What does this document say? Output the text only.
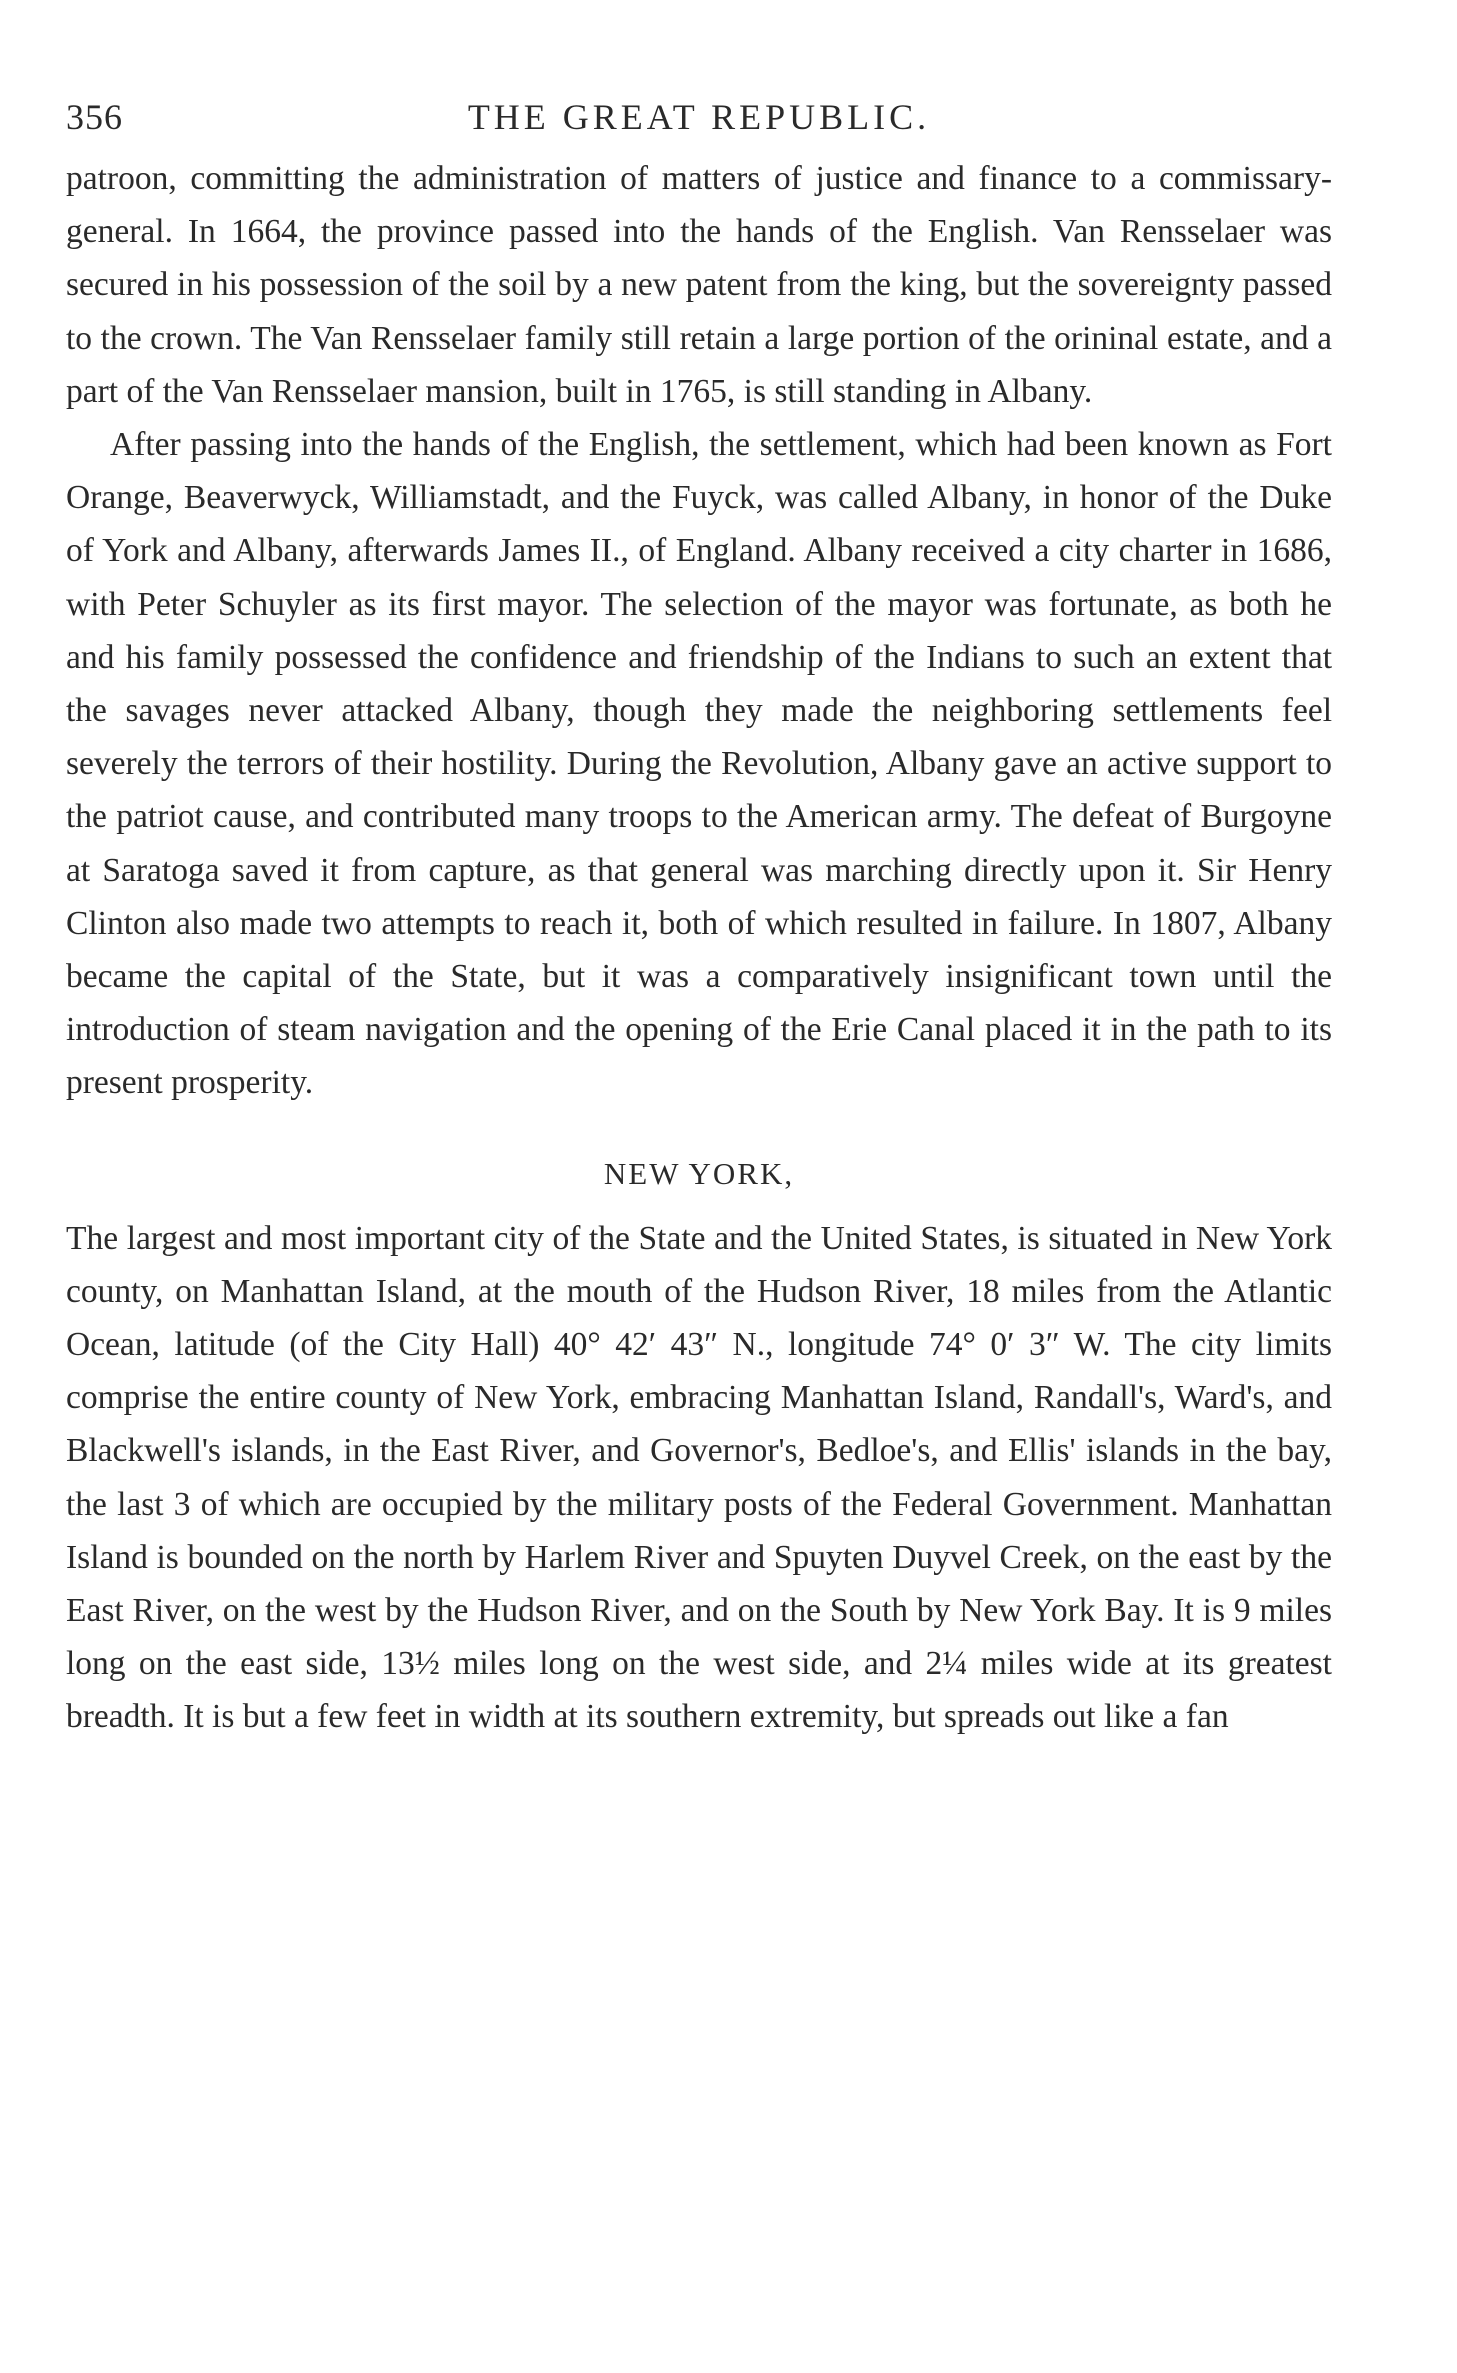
356	THE GREAT REPUBLIC.

patroon, committing the administration of matters of justice and finance to a commissary-general. In 1664, the province passed into the hands of the English. Van Rensselaer was secured in his possession of the soil by a new patent from the king, but the sovereignty passed to the crown. The Van Rensselaer family still retain a large portion of the orininal estate, and a part of the Van Rensselaer mansion, built in 1765, is still standing in Albany.

After passing into the hands of the English, the settlement, which had been known as Fort Orange, Beaverwyck, Williamstadt, and the Fuyck, was called Albany, in honor of the Duke of York and Albany, afterwards James II., of England. Albany received a city charter in 1686, with Peter Schuyler as its first mayor. The selection of the mayor was fortunate, as both he and his family possessed the confidence and friendship of the Indians to such an extent that the savages never attacked Albany, though they made the neighboring settlements feel severely the terrors of their hostility. During the Revolution, Albany gave an active support to the patriot cause, and contributed many troops to the American army. The defeat of Burgoyne at Saratoga saved it from capture, as that general was marching directly upon it. Sir Henry Clinton also made two attempts to reach it, both of which resulted in failure. In 1807, Albany became the capital of the State, but it was a comparatively insignificant town until the introduction of steam navigation and the opening of the Erie Canal placed it in the path to its present prosperity.

NEW YORK,

The largest and most important city of the State and the United States, is situated in New York county, on Manhattan Island, at the mouth of the Hudson River, 18 miles from the Atlantic Ocean, latitude (of the City Hall) 40° 42′ 43″ N., longitude 74° 0′ 3″ W. The city limits comprise the entire county of New York, embracing Manhattan Island, Randall's, Ward's, and Blackwell's islands, in the East River, and Governor's, Bedloe's, and Ellis' islands in the bay, the last 3 of which are occupied by the military posts of the Federal Government. Manhattan Island is bounded on the north by Harlem River and Spuyten Duyvel Creek, on the east by the East River, on the west by the Hudson River, and on the South by New York Bay. It is 9 miles long on the east side, 13½ miles long on the west side, and 2¼ miles wide at its greatest breadth. It is but a few feet in width at its southern extremity, but spreads out like a fan
